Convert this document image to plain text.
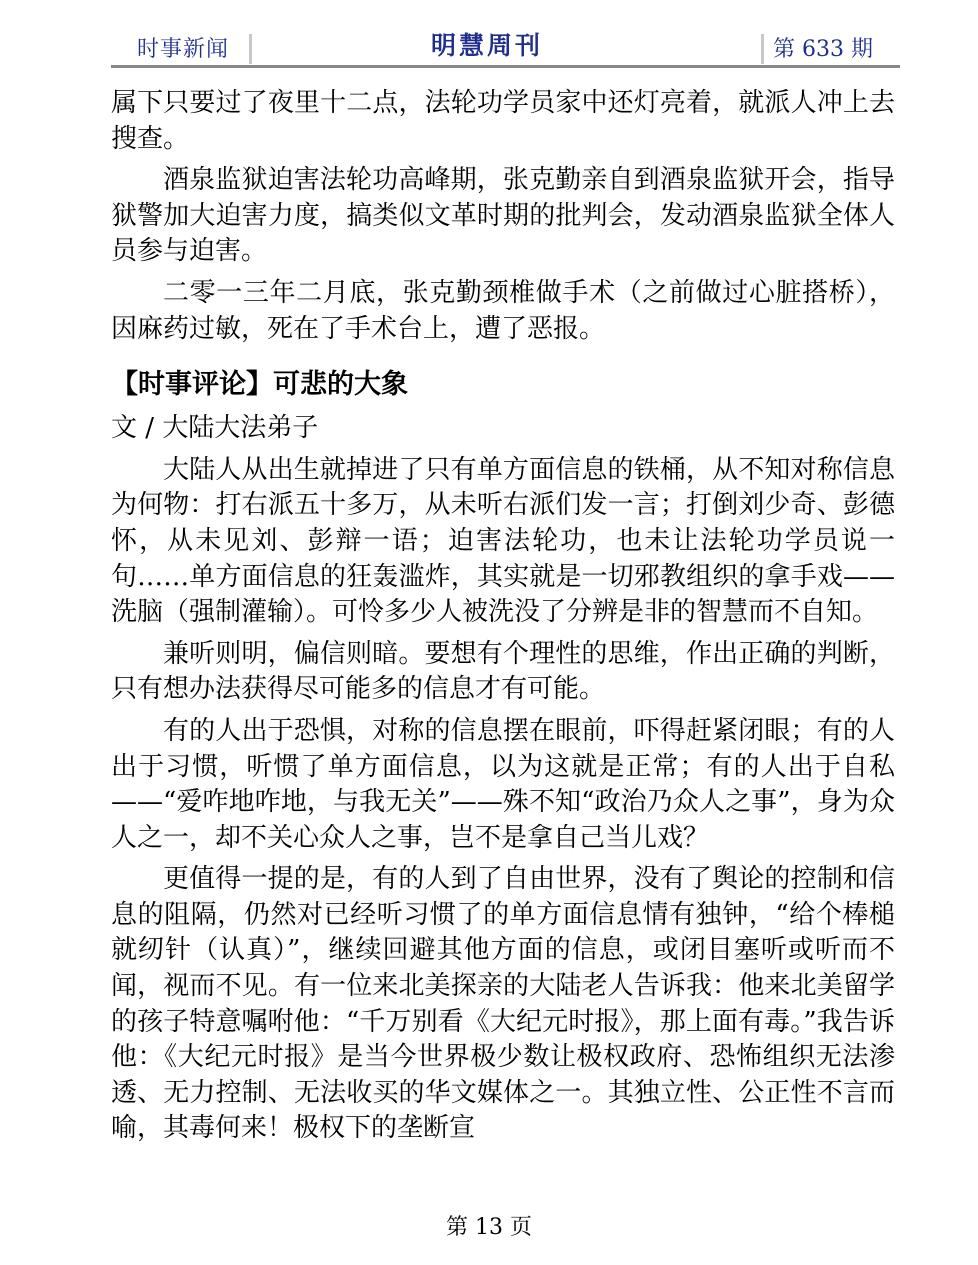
时事新闻	明慧周刊	第 633 期

属下只要过了夜里十二点，法轮功学员家中还灯亮着，就派人冲上去搜查。

酒泉监狱迫害法轮功高峰期，张克勤亲自到酒泉监狱开会，指导狱警加大迫害力度，搞类似文革时期的批判会，发动酒泉监狱全体人员参与迫害。

二零一三年二月底，张克勤颈椎做手术（之前做过心脏搭桥），因麻药过敏，死在了手术台上，遭了恶报。

【时事评论】可悲的大象

文 / 大陆大法弟子

大陆人从出生就掉进了只有单方面信息的铁桶，从不知对称信息为何物：打右派五十多万，从未听右派们发一言；打倒刘少奇、彭德怀，从未见刘、彭辩一语；迫害法轮功，也未让法轮功学员说一句……单方面信息的狂轰滥炸，其实就是一切邪教组织的拿手戏——洗脑（强制灌输）。可怜多少人被洗没了分辨是非的智慧而不自知。

兼听则明，偏信则暗。要想有个理性的思维，作出正确的判断，只有想办法获得尽可能多的信息才有可能。

有的人出于恐惧，对称的信息摆在眼前，吓得赶紧闭眼；有的人出于习惯，听惯了单方面信息，以为这就是正常；有的人出于自私——“爱咋地咋地，与我无关”——殊不知“政治乃众人之事”，身为众人之一，却不关心众人之事，岂不是拿自己当儿戏？

更值得一提的是，有的人到了自由世界，没有了舆论的控制和信息的阻隔，仍然对已经听习惯了的单方面信息情有独钟，“给个棒槌就纫针（认真）”，继续回避其他方面的信息，或闭目塞听或听而不闻，视而不见。有一位来北美探亲的大陆老人告诉我：他来北美留学的孩子特意嘱咐他：“千万别看《大纪元时报》，那上面有毒。”我告诉他：《大纪元时报》是当今世界极少数让极权政府、恐怖组织无法渗透、无力控制、无法收买的华文媒体之一。其独立性、公正性不言而喻，其毒何来！极权下的垄断宣

第 13 页
